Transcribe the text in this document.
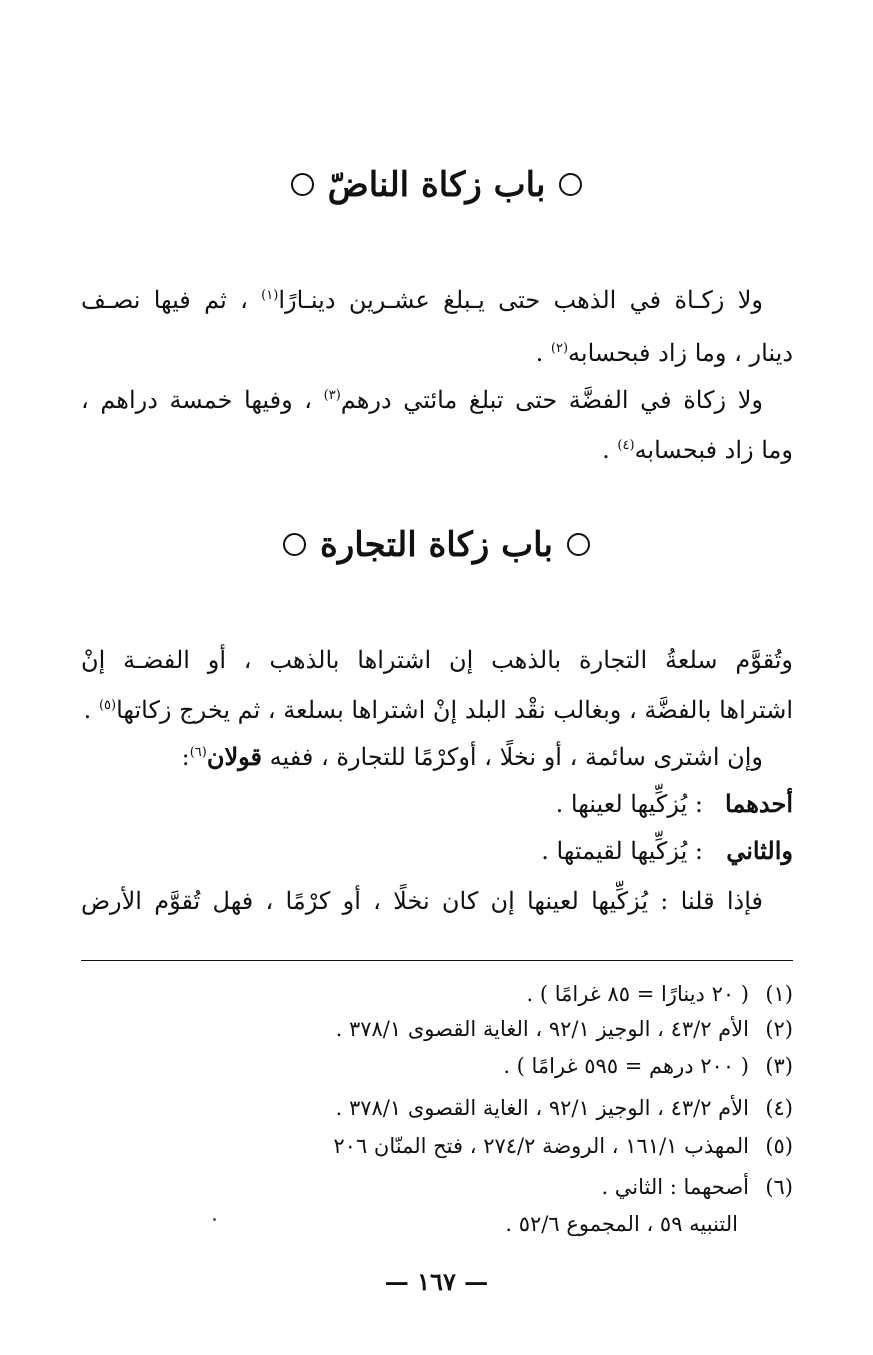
باب زكاة الناضّ
ولا زكـاة في الذهب حتى يـبلغ عشـرين دينـارًا$^{(١)}$ ، ثم فيها نصـف
دينار ، وما زاد فبحسابه$^{(٢)}$ .
ولا زكاة في الفضَّة حتى تبلغ مائتي درهم$^{(٣)}$ ، وفيها خمسة دراهم ،
وما زاد فبحسابه$^{(٤)}$ .
باب زكاة التجارة
وتُقوَّم سلعةُ التجارة بالذهب إن اشتراها بالذهب ، أو الفضـة إنْ
اشتراها بالفضَّة ، وبغالب نقْد البلد إنْ اشتراها بسلعة ، ثم يخرج زكاتها$^{(٥)}$ .
وإن اشترى سائمة ، أو نخلًا ، أوكرْمًا للتجارة ، ففيه قولان$^{(٦)}$:
أحدهما: يُزكِّيها لعينها .
والثاني: يُزكِّيها لقيمتها .
فإذا قلنا : يُزكِّيها لعينها إن كان نخلًا ، أو كرْمًا ، فهل تُقوَّم الأرض
(١)( ٢٠ دينارًا = ٨٥ غرامًا ) .
(٢)الأم ٤٣/٢ ، الوجيز ٩٢/١ ، الغاية القصوى ٣٧٨/١ .
(٣)( ٢٠٠ درهم = ٥٩٥ غرامًا ) .
(٤)الأم ٤٣/٢ ، الوجيز ٩٢/١ ، الغاية القصوى ٣٧٨/١ .
(٥)المهذب ١٦١/١ ، الروضة ٢٧٤/٢ ، فتح المنّان ٢٠٦
(٦)أصحهما : الثاني .
التنبيه ٥٩ ، المجموع ٥٢/٦ .
— ١٦٧ —
